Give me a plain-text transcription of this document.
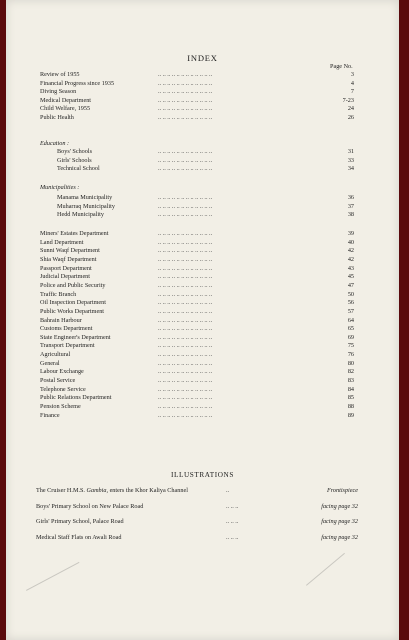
INDEX
Page No.
Review of 1955	.. .. .. .. .. .. .. .. .. .. .. ..	3
Financial Progress since 1935	.. .. .. .. .. .. .. .. .. .. .. ..	4
Diving Season	.. .. .. .. .. .. .. .. .. .. .. ..	7
Medical Department	.. .. .. .. .. .. .. .. .. .. .. ..	7-23
Child Welfare, 1955	.. .. .. .. .. .. .. .. .. .. .. ..	24
Public Health	.. .. .. .. .. .. .. .. .. .. .. ..	26
Education :
Boys' Schools	.. .. .. .. .. .. .. .. .. .. .. ..	31
Girls' Schools	.. .. .. .. .. .. .. .. .. .. .. ..	33
Technical School	.. .. .. .. .. .. .. .. .. .. .. ..	34
Municipalities :
Manama Municipality	.. .. .. .. .. .. .. .. .. .. .. ..	36
Muharraq Municipality	.. .. .. .. .. .. .. .. .. .. .. ..	37
Hedd Municipality	.. .. .. .. .. .. .. .. .. .. .. ..	38
Miners' Estates Department	.. .. .. .. .. .. .. .. .. .. .. ..	39
Land Department	.. .. .. .. .. .. .. .. .. .. .. ..	40
Sunni Waqf Department	.. .. .. .. .. .. .. .. .. .. .. ..	42
Shia Waqf Department	.. .. .. .. .. .. .. .. .. .. .. ..	42
Passport Department	.. .. .. .. .. .. .. .. .. .. .. ..	43
Judicial Department	.. .. .. .. .. .. .. .. .. .. .. ..	45
Police and Public Security	.. .. .. .. .. .. .. .. .. .. .. ..	47
Traffic Branch	.. .. .. .. .. .. .. .. .. .. .. ..	50
Oil Inspection Department	.. .. .. .. .. .. .. .. .. .. .. ..	56
Public Works Department	.. .. .. .. .. .. .. .. .. .. .. ..	57
Bahrain Harbour	.. .. .. .. .. .. .. .. .. .. .. ..	64
Customs Department	.. .. .. .. .. .. .. .. .. .. .. ..	65
State Engineer's Department	.. .. .. .. .. .. .. .. .. .. .. ..	69
Transport Department	.. .. .. .. .. .. .. .. .. .. .. ..	75
Agricultural	.. .. .. .. .. .. .. .. .. .. .. ..	76
General	.. .. .. .. .. .. .. .. .. .. .. ..	80
Labour Exchange	.. .. .. .. .. .. .. .. .. .. .. ..	82
Postal Service	.. .. .. .. .. .. .. .. .. .. .. ..	83
Telephone Service	.. .. .. .. .. .. .. .. .. .. .. ..	84
Public Relations Department	.. .. .. .. .. .. .. .. .. .. .. ..	85
Pension Scheme	.. .. .. .. .. .. .. .. .. .. .. ..	88
Finance	.. .. .. .. .. .. .. .. .. .. .. ..	89
ILLUSTRATIONS
The Cruiser H.M.S. Gambia, enters the Khor Kaliya Channel	..	Frontispiece
Boys' Primary School on New Palace Road	.. .. ..	facing page 32
Girls' Primary School, Palace Road	.. .. ..	facing page 32
Medical Staff Flats on Awali Road	.. .. ..	facing page 32
